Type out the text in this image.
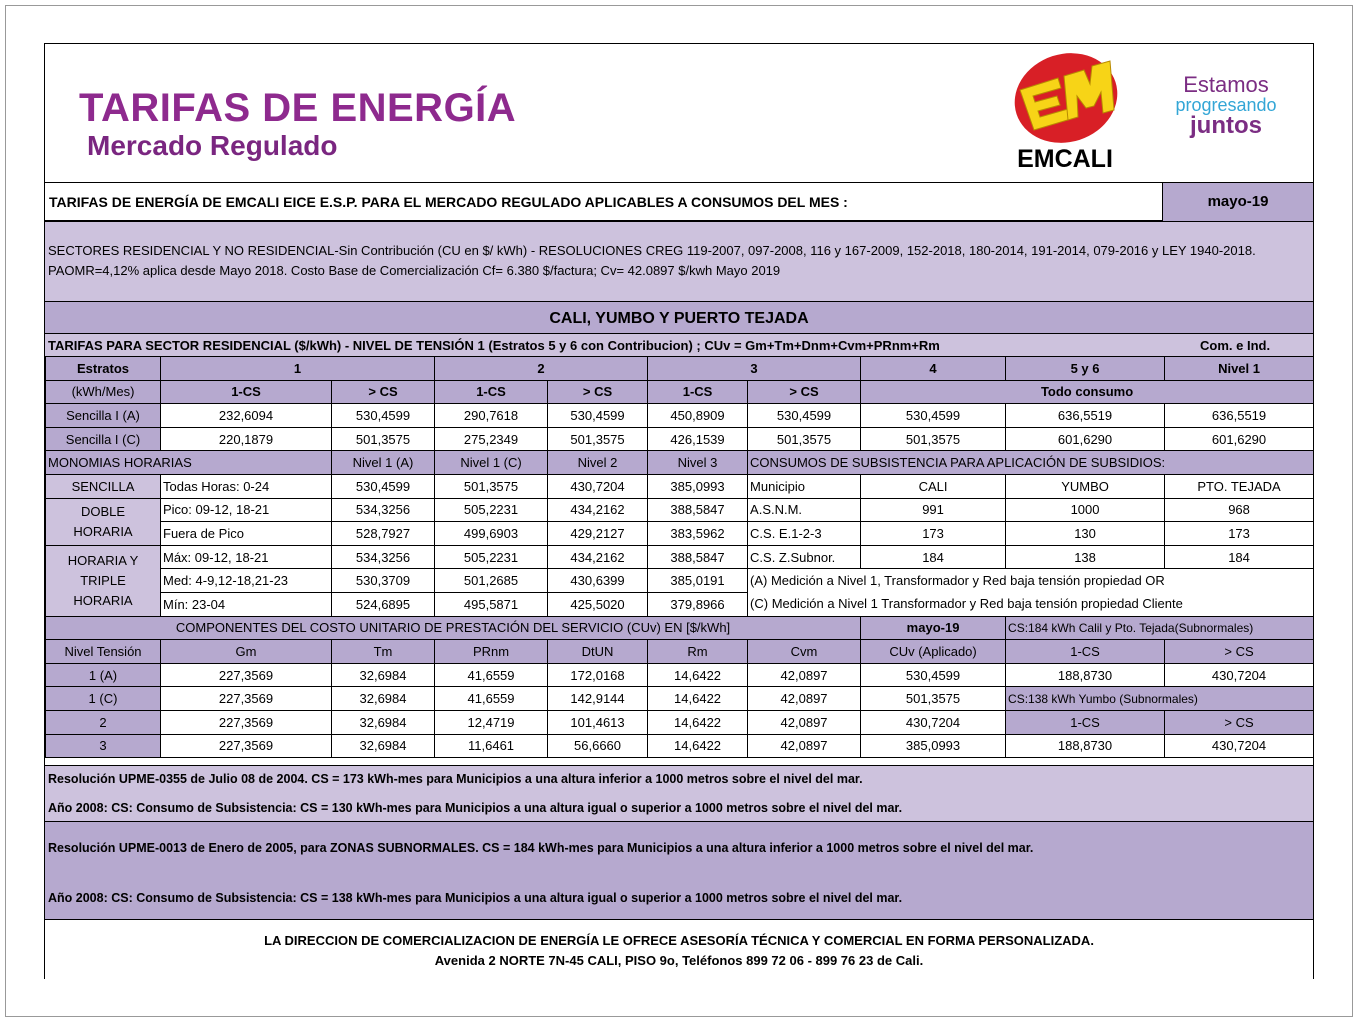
TARIFAS DE ENERGÍA
Mercado Regulado	EMCALI
Estamos
progresando
juntos
TARIFAS DE ENERGÍA DE EMCALI EICE E.S.P. PARA EL MERCADO REGULADO APLICABLES A CONSUMOS DEL MES :	mayo-19
SECTORES RESIDENCIAL Y NO RESIDENCIAL-Sin Contribución (CU en $/ kWh) - RESOLUCIONES CREG 119-2007, 097-2008, 116 y 167-2009, 152-2018, 180-2014, 191-2014, 079-2016 y LEY 1940-2018. PAOMR=4,12% aplica desde Mayo 2018. Costo Base de Comercialización Cf= 6.380 $/factura; Cv= 42.0897 $/kwh Mayo 2019
CALI, YUMBO Y PUERTO TEJADA
TARIFAS PARA SECTOR RESIDENCIAL ($/kWh) - NIVEL DE TENSIÓN 1 (Estratos 5 y 6 con Contribucion) ; CUv = Gm+Tm+Dnm+Cvm+PRnm+Rm	Com. e Ind.
Estratos	1		2		3		4	5 y 6	Nivel 1
(kWh/Mes)	1-CS	> CS	1-CS	> CS	1-CS	> CS	Todo consumo		
Sencilla I (A)	232,6094	530,4599	290,7618	530,4599	450,8909	530,4599	530,4599	636,5519	636,5519
Sencilla I (C)	220,1879	501,3575	275,2349	501,3575	426,1539	501,3575	501,3575	601,6290	601,6290
MONOMIAS HORARIAS		Nivel 1 (A)	Nivel 1 (C)	Nivel 2	Nivel 3	CONSUMOS DE SUBSISTENCIA PARA APLICACIÓN DE SUBSIDIOS:			
SENCILLA	Todas Horas: 0-24	530,4599	501,3575	430,7204	385,0993	Municipio	CALI	YUMBO	PTO. TEJADA
DOBLE
HORARIA	Pico: 09-12, 18-21	534,3256	505,2231	434,2162	388,5847	A.S.N.M.	991	1000	968
	Fuera de Pico	528,7927	499,6903	429,2127	383,5962	C.S. E.1-2-3	173	130	173
HORARIA Y
TRIPLE
HORARIA	Máx: 09-12, 18-21	534,3256	505,2231	434,2162	388,5847	C.S. Z.Subnor.	184	138	184
	Med: 4-9,12-18,21-23	530,3709	501,2685	430,6399	385,0191	(A) Medición a Nivel 1, Transformador y Red baja tensión propiedad OR			
	Mín: 23-04	524,6895	495,5871	425,5020	379,8966	(C) Medición a Nivel 1 Transformador y Red baja tensión propiedad Cliente			
COMPONENTES DEL COSTO UNITARIO DE PRESTACIÓN DEL SERVICIO (CUv) EN [$/kWh]							mayo-19	CS:184 kWh Calil y Pto. Tejada(Subnormales)	
Nivel Tensión	Gm	Tm	PRnm	DtUN	Rm	Cvm	CUv (Aplicado)	1-CS	> CS
1 (A)	227,3569	32,6984	41,6559	172,0168	14,6422	42,0897	530,4599	188,8730	430,7204
1 (C)	227,3569	32,6984	41,6559	142,9144	14,6422	42,0897	501,3575	CS:138 kWh Yumbo (Subnormales)	
2	227,3569	32,6984	12,4719	101,4613	14,6422	42,0897	430,7204	1-CS	> CS
3	227,3569	32,6984	11,6461	56,6660	14,6422	42,0897	385,0993	188,8730	430,7204
Resolución UPME-0355 de Julio 08 de 2004. CS = 173 kWh-mes para Municipios a una altura inferior a 1000 metros sobre el nivel del mar.
Año 2008: CS: Consumo de Subsistencia: CS = 130 kWh-mes para Municipios a una altura igual o superior a 1000 metros sobre el nivel del mar.
Resolución UPME-0013 de Enero de 2005, para ZONAS SUBNORMALES. CS = 184 kWh-mes para Municipios a una altura inferior a 1000 metros sobre el nivel del mar.
Año 2008: CS: Consumo de Subsistencia: CS = 138 kWh-mes para Municipios a una altura igual o superior a 1000 metros sobre el nivel del mar.
LA DIRECCION DE COMERCIALIZACION DE ENERGÍA LE OFRECE ASESORÍA TÉCNICA Y COMERCIAL EN FORMA PERSONALIZADA.
Avenida 2 NORTE 7N-45 CALI, PISO 9o, Teléfonos 899 72 06 - 899 76 23 de Cali.
